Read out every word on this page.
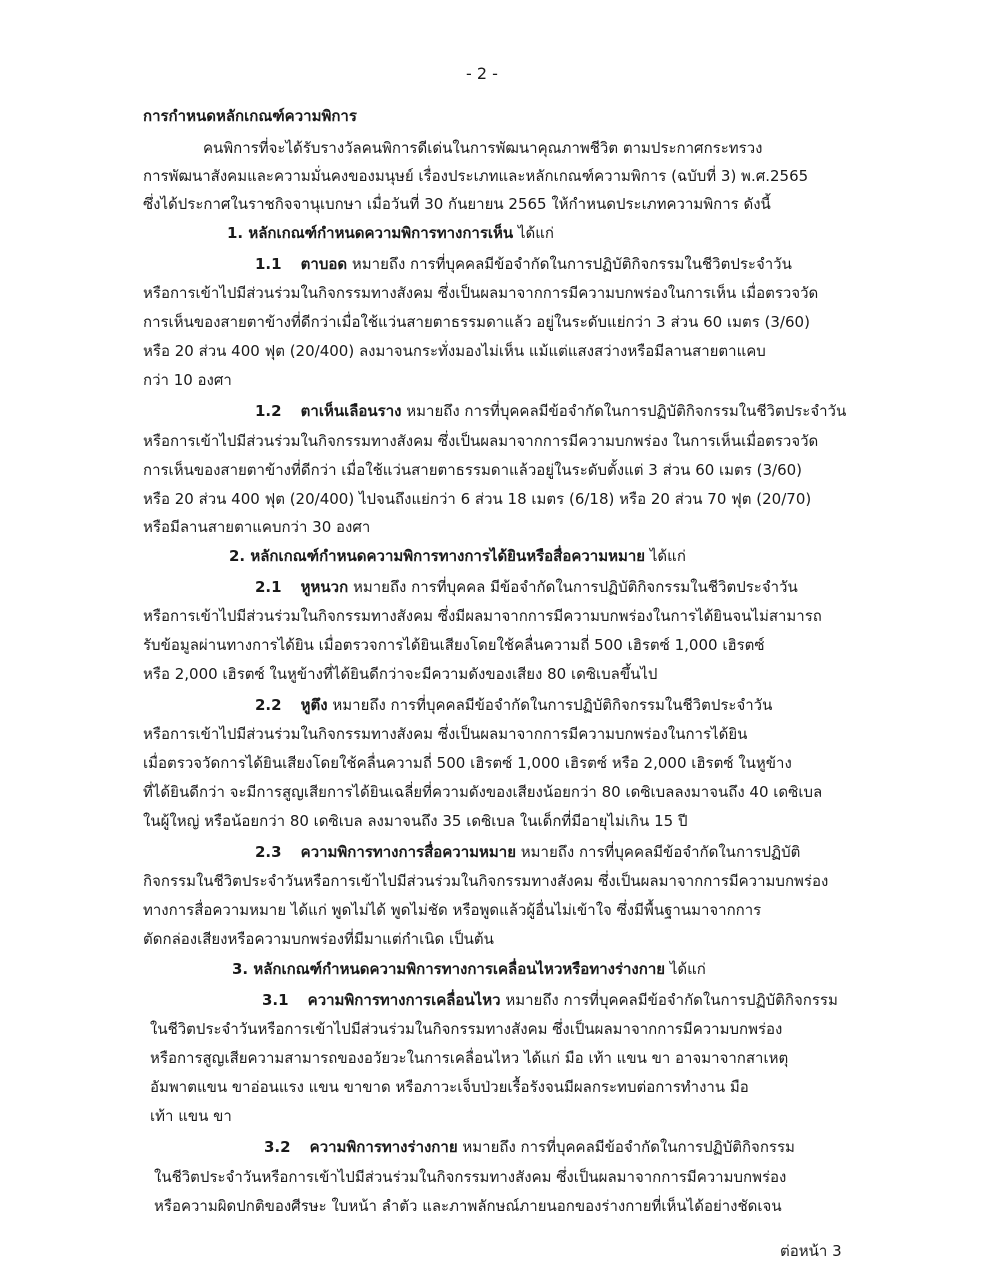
- 2 -
การกำหนดหลักเกณฑ์ความพิการ
คนพิการที่จะได้รับรางวัลคนพิการดีเด่นในการพัฒนาคุณภาพชีวิต ตามประกาศกระทรวง
การพัฒนาสังคมและความมั่นคงของมนุษย์ เรื่องประเภทและหลักเกณฑ์ความพิการ (ฉบับที่ 3) พ.ศ.2565
ซึ่งได้ประกาศในราชกิจจานุเบกษา เมื่อวันที่ 30 กันยายน 2565 ให้กำหนดประเภทความพิการ ดังนี้
1. หลักเกณฑ์กำหนดความพิการทางการเห็น ได้แก่
1.1 ตาบอด หมายถึง การที่บุคคลมีข้อจำกัดในการปฏิบัติกิจกรรมในชีวิตประจำวัน
หรือการเข้าไปมีส่วนร่วมในกิจกรรมทางสังคม ซึ่งเป็นผลมาจากการมีความบกพร่องในการเห็น เมื่อตรวจวัด
การเห็นของสายตาข้างที่ดีกว่าเมื่อใช้แว่นสายตาธรรมดาแล้ว อยู่ในระดับแย่กว่า 3 ส่วน 60 เมตร (3/60)
หรือ 20 ส่วน 400 ฟุต (20/400) ลงมาจนกระทั่งมองไม่เห็น แม้แต่แสงสว่างหรือมีลานสายตาแคบ
กว่า 10 องศา
1.2 ตาเห็นเลือนราง หมายถึง การที่บุคคลมีข้อจำกัดในการปฏิบัติกิจกรรมในชีวิตประจำวัน
หรือการเข้าไปมีส่วนร่วมในกิจกรรมทางสังคม ซึ่งเป็นผลมาจากการมีความบกพร่อง ในการเห็นเมื่อตรวจวัด
การเห็นของสายตาข้างที่ดีกว่า เมื่อใช้แว่นสายตาธรรมดาแล้วอยู่ในระดับตั้งแต่ 3 ส่วน 60 เมตร (3/60)
หรือ 20 ส่วน 400 ฟุต (20/400) ไปจนถึงแย่กว่า 6 ส่วน 18 เมตร (6/18) หรือ 20 ส่วน 70 ฟุต (20/70)
หรือมีลานสายตาแคบกว่า 30 องศา
2. หลักเกณฑ์กำหนดความพิการทางการได้ยินหรือสื่อความหมาย ได้แก่
2.1 หูหนวก หมายถึง การที่บุคคล มีข้อจำกัดในการปฏิบัติกิจกรรมในชีวิตประจำวัน
หรือการเข้าไปมีส่วนร่วมในกิจกรรมทางสังคม ซึ่งมีผลมาจากการมีความบกพร่องในการได้ยินจนไม่สามารถ
รับข้อมูลผ่านทางการได้ยิน เมื่อตรวจการได้ยินเสียงโดยใช้คลื่นความถี่ 500 เฮิรตซ์ 1,000 เฮิรตซ์
หรือ 2,000 เฮิรตซ์ ในหูข้างที่ได้ยินดีกว่าจะมีความดังของเสียง 80 เดซิเบลขึ้นไป
2.2 หูตึง หมายถึง การที่บุคคลมีข้อจำกัดในการปฏิบัติกิจกรรมในชีวิตประจำวัน
หรือการเข้าไปมีส่วนร่วมในกิจกรรมทางสังคม ซึ่งเป็นผลมาจากการมีความบกพร่องในการได้ยิน
เมื่อตรวจวัดการได้ยินเสียงโดยใช้คลื่นความถี่ 500 เฮิรตซ์ 1,000 เฮิรตซ์ หรือ 2,000 เฮิรตซ์ ในหูข้าง
ที่ได้ยินดีกว่า จะมีการสูญเสียการได้ยินเฉลี่ยที่ความดังของเสียงน้อยกว่า 80 เดซิเบลลงมาจนถึง 40 เดซิเบล
ในผู้ใหญ่ หรือน้อยกว่า 80 เดซิเบล ลงมาจนถึง 35 เดซิเบล ในเด็กที่มีอายุไม่เกิน 15 ปี
2.3 ความพิการทางการสื่อความหมาย หมายถึง การที่บุคคลมีข้อจำกัดในการปฏิบัติ
กิจกรรมในชีวิตประจำวันหรือการเข้าไปมีส่วนร่วมในกิจกรรมทางสังคม ซึ่งเป็นผลมาจากการมีความบกพร่อง
ทางการสื่อความหมาย ได้แก่ พูดไม่ได้ พูดไม่ชัด หรือพูดแล้วผู้อื่นไม่เข้าใจ ซึ่งมีพื้นฐานมาจากการ
ตัดกล่องเสียงหรือความบกพร่องที่มีมาแต่กำเนิด เป็นต้น
3. หลักเกณฑ์กำหนดความพิการทางการเคลื่อนไหวหรือทางร่างกาย ได้แก่
3.1 ความพิการทางการเคลื่อนไหว หมายถึง การที่บุคคลมีข้อจำกัดในการปฏิบัติกิจกรรม
ในชีวิตประจำวันหรือการเข้าไปมีส่วนร่วมในกิจกรรมทางสังคม ซึ่งเป็นผลมาจากการมีความบกพร่อง
หรือการสูญเสียความสามารถของอวัยวะในการเคลื่อนไหว ได้แก่ มือ เท้า แขน ขา อาจมาจากสาเหตุ
อัมพาตแขน ขาอ่อนแรง แขน ขาขาด หรือภาวะเจ็บป่วยเรื้อรังจนมีผลกระทบต่อการทำงาน มือ
เท้า แขน ขา
3.2 ความพิการทางร่างกาย หมายถึง การที่บุคคลมีข้อจำกัดในการปฏิบัติกิจกรรม
ในชีวิตประจำวันหรือการเข้าไปมีส่วนร่วมในกิจกรรมทางสังคม ซึ่งเป็นผลมาจากการมีความบกพร่อง
หรือความผิดปกติของศีรษะ ใบหน้า ลำตัว และภาพลักษณ์ภายนอกของร่างกายที่เห็นได้อย่างชัดเจน
ต่อหน้า 3
